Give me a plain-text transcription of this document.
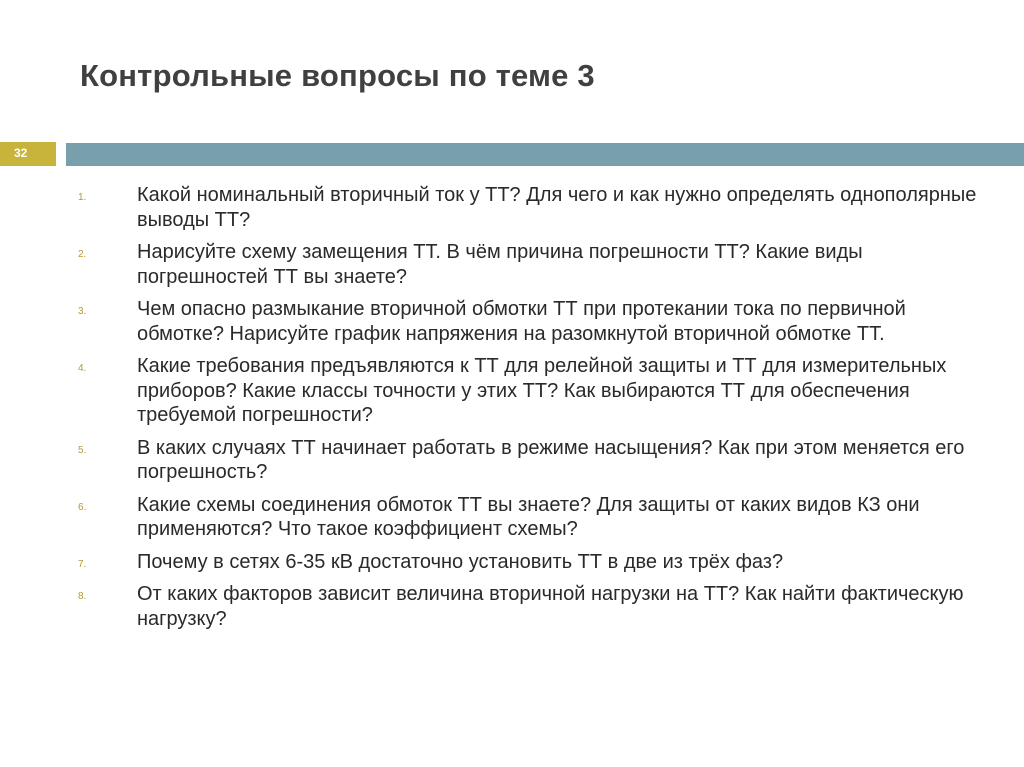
Контрольные вопросы по теме 3
32
1.	Какой номинальный вторичный ток у ТТ? Для чего и как нужно определять однополярные выводы ТТ?
2.	Нарисуйте схему замещения ТТ. В чём причина погрешности ТТ? Какие виды погрешностей ТТ вы знаете?
3.	Чем опасно размыкание вторичной обмотки ТТ при протекании тока по первичной обмотке? Нарисуйте график напряжения на разомкнутой вторичной обмотке ТТ.
4.	Какие требования предъявляются к ТТ для релейной защиты и ТТ для измерительных приборов? Какие классы точности у этих ТТ? Как выбираются ТТ для обеспечения требуемой погрешности?
5.	В каких случаях ТТ начинает работать в режиме насыщения? Как при этом меняется его погрешность?
6.	Какие схемы соединения обмоток ТТ вы знаете? Для защиты от каких видов КЗ они применяются? Что такое коэффициент схемы?
7.	Почему в сетях 6-35 кВ достаточно установить ТТ в две из трёх фаз?
8.	От каких факторов зависит величина вторичной нагрузки на ТТ? Как найти фактическую нагрузку?
